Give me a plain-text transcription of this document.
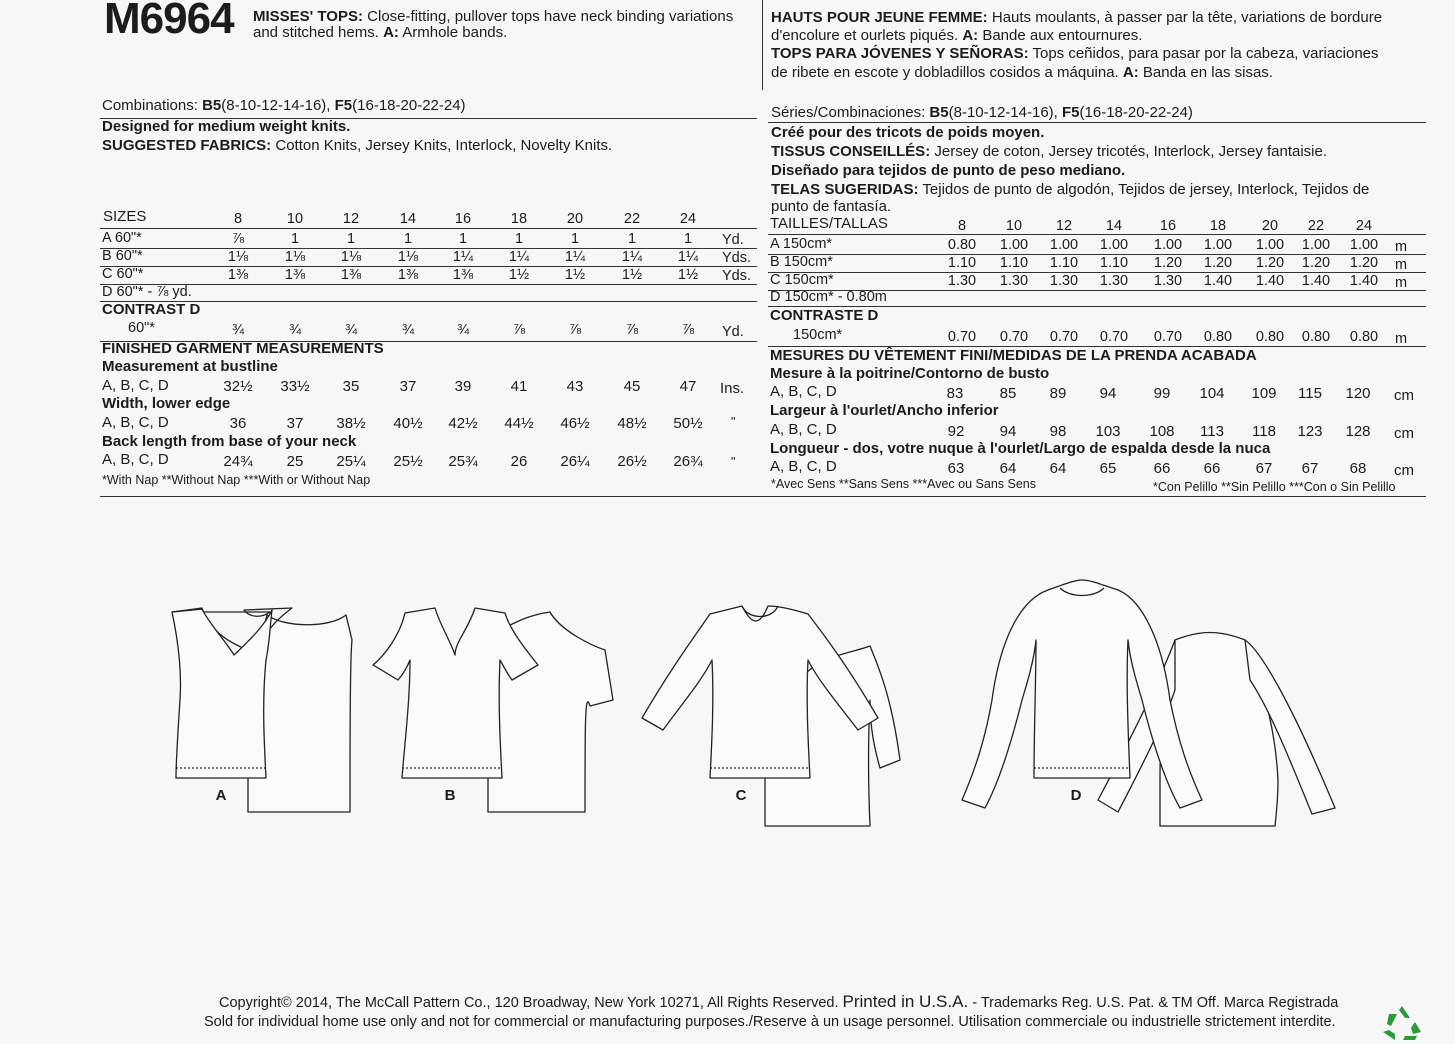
M6964 MISSES' TOPS: Close-fitting, pullover tops have neck binding variations
and stitched hems. A: Armhole bands.
Combinations: B5(8-10-12-14-16), F5(16-18-20-22-24)
Designed for medium weight knits.
SUGGESTED FABRICS: Cotton Knits, Jersey Knits, Interlock, Novelty Knits.
SIZES	8	10	12	14	16	18	20	22	24
A 60"*	⅞	1	1	1	1	1	1	1	1 Yd.
B 60"*	1⅛	1⅛ 1⅛	1⅛ 1¼ 1¼ 1¼	1¼ 1¼ Yds.
C 60"*	1⅜	1⅜ 1⅜	1⅜ 1⅜ 1½ 1½	1½ 1½ Yds.
D 60"* - ⅞ yd.
CONTRAST D
60"*	¾	¾	¾	¾	¾	⅞	⅞	⅞	⅞ Yd.
FINISHED GARMENT MEASUREMENTS
Measurement at bustline
A, B, C, D	32½ 33½ 35	37	39	41	43	45	47 Ins.
Width, lower edge
A, B, C, D	36	37 38½ 40½ 42½ 44½ 46½ 48½ 50½ "
Back length from base of your neck
A, B, C, D	24¾ 25 25¼ 25½ 25¾ 26 26¼ 26½ 26¾ "
*With Nap **Without Nap ***With or Without Nap
HAUTS POUR JEUNE FEMME: Hauts moulants, à passer par la tête, variations de bordure
d'encolure et ourlets piqués. A: Bande aux entournures.
TOPS PARA JÓVENES Y SEÑORAS: Tops ceñidos, para pasar por la cabeza, variaciones
de ribete en escote y dobladillos cosidos a máquina. A: Banda en las sisas.
Séries/Combinaciones: B5(8-10-12-14-16), F5(16-18-20-22-24)
Créé pour des tricots de poids moyen.
TISSUS CONSEILLÉS: Jersey de coton, Jersey tricotés, Interlock, Jersey fantaisie.
Diseñado para tejidos de punto de peso mediano.
TELAS SUGERIDAS: Tejidos de punto de algodón, Tejidos de jersey, Interlock, Tejidos de
punto de fantasía.
TAILLES/TALLAS	8	10 12 14	16 18 20 22 24
A 150cm*	0.80 1.00 1.00 1.00 1.00 1.00 1.00 1.00 1.00 m
B 150cm*	1.10 1.10 1.10 1.10 1.20 1.20 1.20 1.20 1.20 m
C 150cm*	1.30 1.30 1.30 1.30 1.30 1.40 1.40 1.40 1.40 m
D 150cm* - 0.80m
CONTRASTE D
150cm*	0.70 0.70 0.70 0.70 0.70 0.80 0.80 0.80 0.80 m
MESURES DU VÊTEMENT FINI/MEDIDAS DE LA PRENDA ACABADA
Mesure à la poitrine/Contorno de busto
A, B, C, D	83 85 89 94 99 104 109 115 120 cm
Largeur à l'ourlet/Ancho inferior
A, B, C, D	92 94 98 103 108 113 118 123 128 cm
Longueur - dos, votre nuque à l'ourlet/Largo de espalda desde la nuca
A, B, C, D	63 64 64 65 66 66 67 67 68 cm
*Avec Sens **Sans Sens ***Avec ou Sans Sens	*Con Pelillo **Sin Pelillo ***Con o Sin Pelillo
A	B	C	D
Copyright© 2014, The McCall Pattern Co., 120 Broadway, New York 10271, All Rights Reserved. Printed in U.S.A. - Trademarks Reg. U.S. Pat. & TM Off. Marca Registrada
Sold for individual home use only and not for commercial or manufacturing purposes./Reserve à un usage personnel. Utilisation commerciale ou industrielle strictement interdite.
